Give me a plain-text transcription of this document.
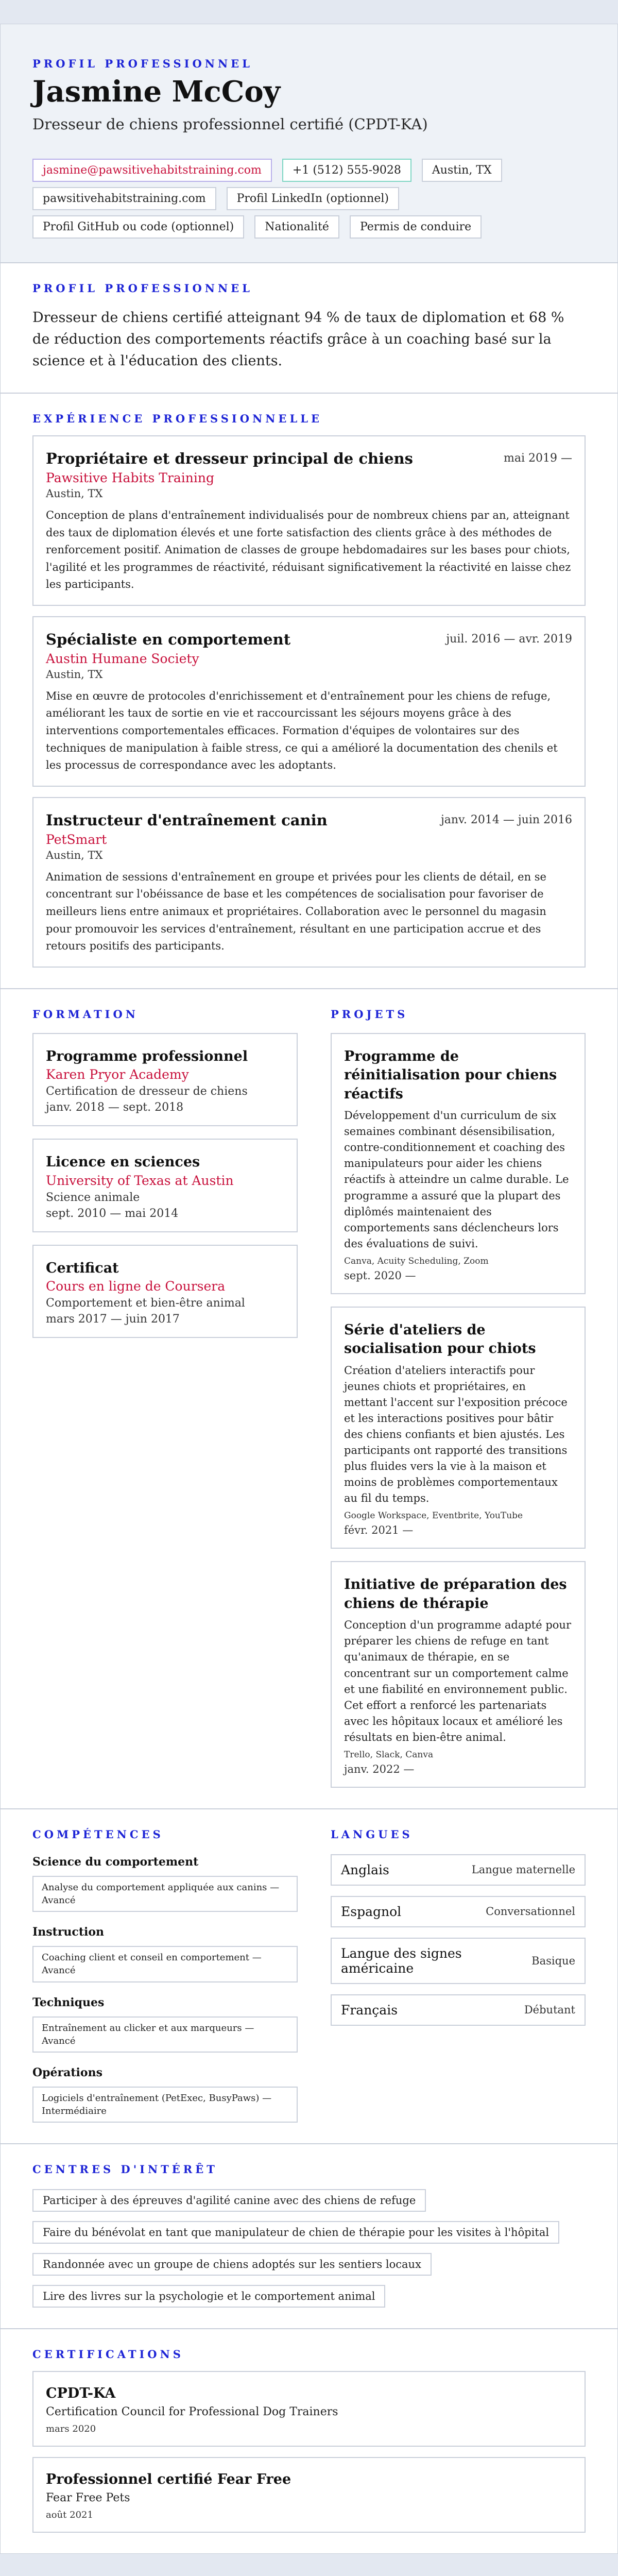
PROFIL PROFESSIONNEL
Jasmine McCoy
Dresseur de chiens professionnel certifié (CPDT-KA)
jasmine@pawsitivehabitstraining.com	+1 (512) 555-9028	Austin, TX
pawsitivehabitstraining.com	Profil LinkedIn (optionnel)
Profil GitHub ou code (optionnel)	Nationalité	Permis de conduire
PROFIL PROFESSIONNEL

Dresseur de chiens certifié atteignant 94 % de taux de diplomation et 68 % de réduction des comportements réactifs grâce à un coaching basé sur la science et à l'éducation des clients.

EXPÉRIENCE PROFESSIONNELLE
Propriétaire et dresseur principal de chiens	mai 2019 —
Pawsitive Habits Training
Austin, TX

Conception de plans d'entraînement individualisés pour de nombreux chiens par an, atteignant des taux de diplomation élevés et une forte satisfaction des clients grâce à des méthodes de renforcement positif. Animation de classes de groupe hebdomadaires sur les bases pour chiots, l'agilité et les programmes de réactivité, réduisant significativement la réactivité en laisse chez les participants.

Spécialiste en comportement	juil. 2016 — avr. 2019
Austin Humane Society
Austin, TX

Mise en œuvre de protocoles d'enrichissement et d'entraînement pour les chiens de refuge, améliorant les taux de sortie en vie et raccourcissant les séjours moyens grâce à des interventions comportementales efficaces. Formation d'équipes de volontaires sur des techniques de manipulation à faible stress, ce qui a amélioré la documentation des chenils et les processus de correspondance avec les adoptants.

Instructeur d'entraînement canin	janv. 2014 — juin 2016
PetSmart
Austin, TX

Animation de sessions d'entraînement en groupe et privées pour les clients de détail, en se concentrant sur l'obéissance de base et les compétences de socialisation pour favoriser de meilleurs liens entre animaux et propriétaires. Collaboration avec le personnel du magasin pour promouvoir les services d'entraînement, résultant en une participation accrue et des retours positifs des participants.

FORMATION
Programme professionnel
Karen Pryor Academy
Certification de dresseur de chiens
janv. 2018 — sept. 2018
Licence en sciences
University of Texas at Austin
Science animale
sept. 2010 — mai 2014
Certificat
Cours en ligne de Coursera
Comportement et bien-être animal
mars 2017 — juin 2017
PROJETS
Programme de réinitialisation pour chiens réactifs

Développement d'un curriculum de six semaines combinant désensibilisation, contre-conditionnement et coaching des manipulateurs pour aider les chiens réactifs à atteindre un calme durable. Le programme a assuré que la plupart des diplômés maintenaient des comportements sans déclencheurs lors des évaluations de suivi.

Canva, Acuity Scheduling, Zoom
sept. 2020 —
Série d'ateliers de socialisation pour chiots

Création d'ateliers interactifs pour jeunes chiots et propriétaires, en mettant l'accent sur l'exposition précoce et les interactions positives pour bâtir des chiens confiants et bien ajustés. Les participants ont rapporté des transitions plus fluides vers la vie à la maison et moins de problèmes comportementaux au fil du temps.

Google Workspace, Eventbrite, YouTube
févr. 2021 —
Initiative de préparation des chiens de thérapie

Conception d'un programme adapté pour préparer les chiens de refuge en tant qu'animaux de thérapie, en se concentrant sur un comportement calme et une fiabilité en environnement public. Cet effort a renforcé les partenariats avec les hôpitaux locaux et amélioré les résultats en bien-être animal.

Trello, Slack, Canva
janv. 2022 —
COMPÉTENCES
Science du comportement
Analyse du comportement appliquée aux canins — Avancé
Instruction
Coaching client et conseil en comportement — Avancé
Techniques
Entraînement au clicker et aux marqueurs — Avancé
Opérations
Logiciels d'entraînement (PetExec, BusyPaws) — Intermédiaire
LANGUES
Anglais	Langue maternelle
Espagnol	Conversationnel
Langue des signes américaine	Basique
Français	Débutant
CENTRES D'INTÉRÊT
Participer à des épreuves d'agilité canine avec des chiens de refuge
Faire du bénévolat en tant que manipulateur de chien de thérapie pour les visites à l'hôpital
Randonnée avec un groupe de chiens adoptés sur les sentiers locaux
Lire des livres sur la psychologie et le comportement animal
CERTIFICATIONS
CPDT-KA
Certification Council for Professional Dog Trainers
mars 2020
Professionnel certifié Fear Free
Fear Free Pets
août 2021
